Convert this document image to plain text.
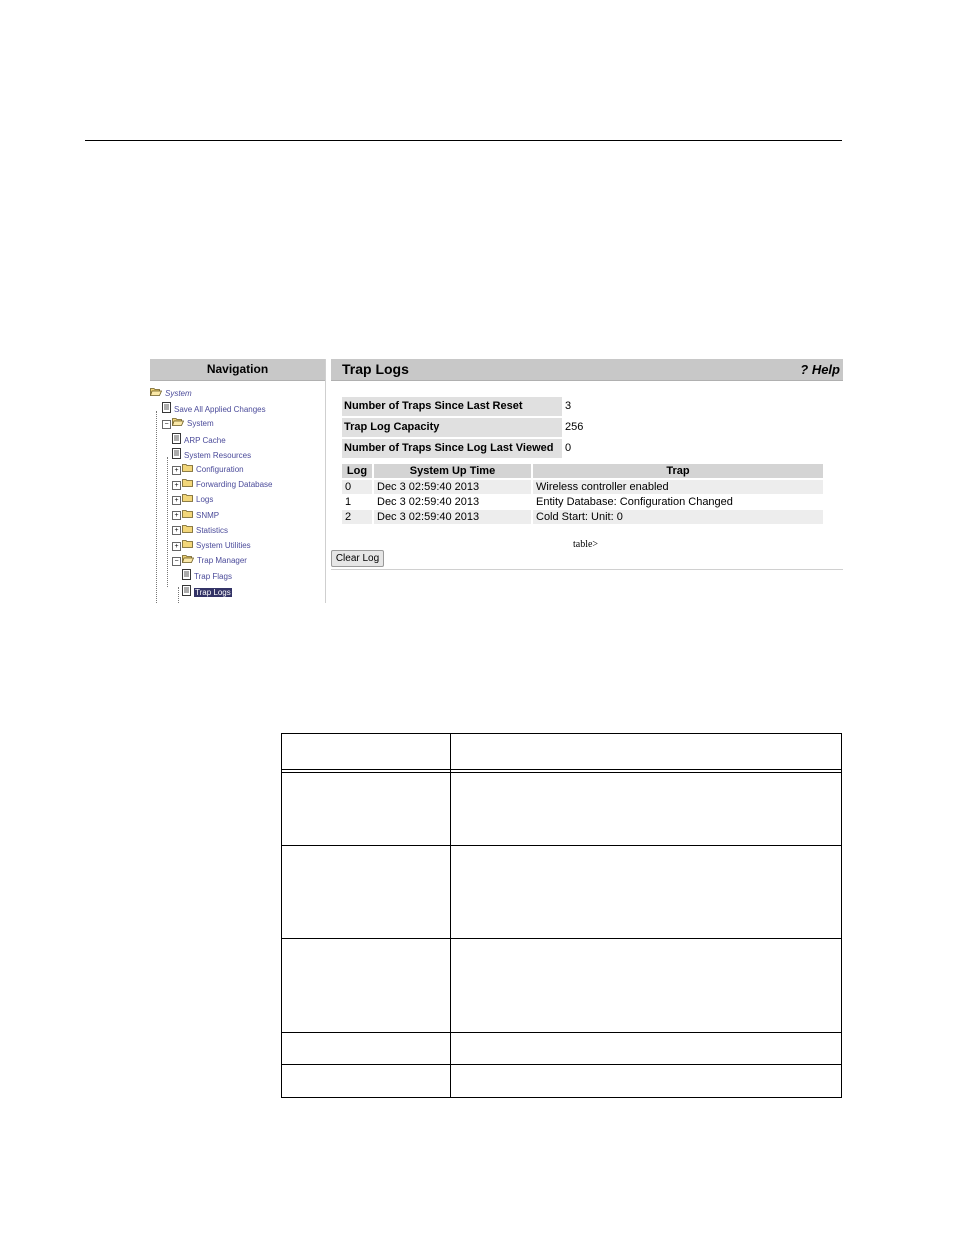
Navigation
System
Save All Applied Changes
− System
ARP Cache
System Resources
+ Configuration
+ Forwarding Database
+ Logs
+ SNMP
+ Statistics
+ System Utilities
− Trap Manager
Trap Flags
Trap Logs
Trap Logs	? Help
Number of Traps Since Last Reset	3
Trap Log Capacity	256
Number of Traps Since Log Last Viewed	0
Log	System Up Time	Trap
0	Dec 3 02:59:40 2013	Wireless controller enabled
1	Dec 3 02:59:40 2013	Entity Database: Configuration Changed
2	Dec 3 02:59:40 2013	Cold Start: Unit: 0
table>
Clear Log
